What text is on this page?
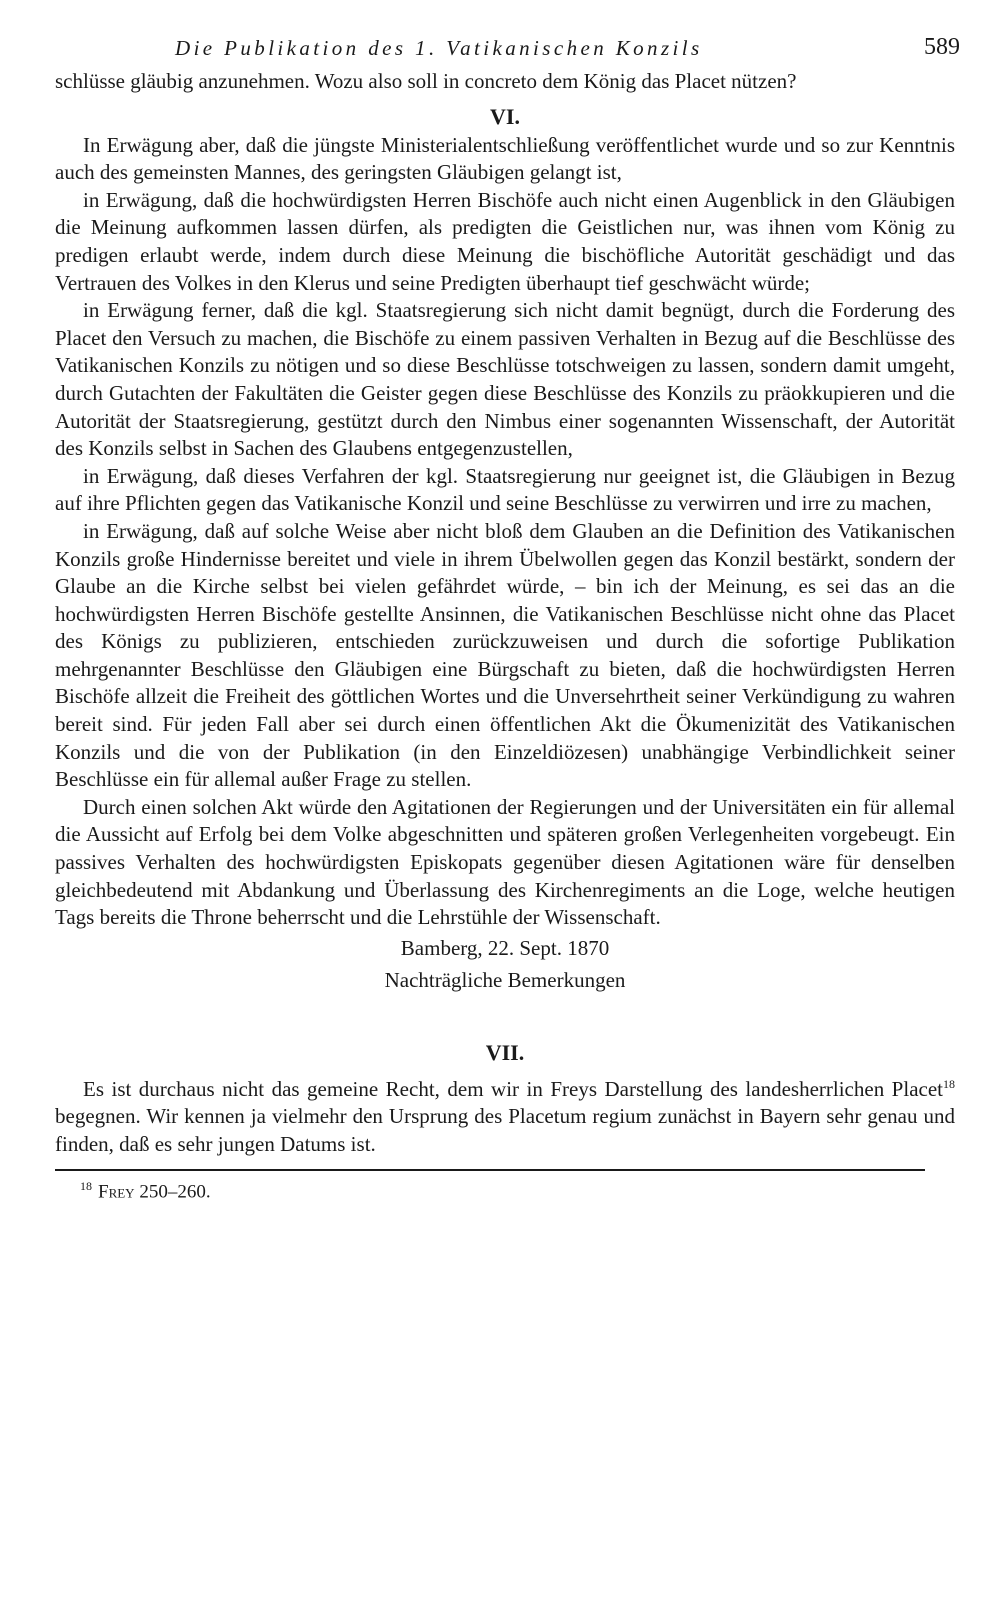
Die Publikation des 1. Vatikanischen Konzils	589

schlüsse gläubig anzunehmen. Wozu also soll in concreto dem König das Placet nützen?

VI.

In Erwägung aber, daß die jüngste Ministerialentschließung veröffentlichet wurde und so zur Kenntnis auch des gemeinsten Mannes, des geringsten Gläubigen gelangt ist,

in Erwägung, daß die hochwürdigsten Herren Bischöfe auch nicht einen Augenblick in den Gläubigen die Meinung aufkommen lassen dürfen, als predigten die Geistlichen nur, was ihnen vom König zu predigen erlaubt werde, indem durch diese Meinung die bischöfliche Autorität geschädigt und das Vertrauen des Volkes in den Klerus und seine Predigten überhaupt tief geschwächt würde;

in Erwägung ferner, daß die kgl. Staatsregierung sich nicht damit begnügt, durch die Forderung des Placet den Versuch zu machen, die Bischöfe zu einem passiven Verhalten in Bezug auf die Beschlüsse des Vatikanischen Konzils zu nötigen und so diese Beschlüsse totschweigen zu lassen, sondern damit umgeht, durch Gutachten der Fakultäten die Geister gegen diese Beschlüsse des Konzils zu präokkupieren und die Autorität der Staatsregierung, gestützt durch den Nimbus einer sogenannten Wissenschaft, der Autorität des Konzils selbst in Sachen des Glaubens entgegenzustellen,

in Erwägung, daß dieses Verfahren der kgl. Staatsregierung nur geeignet ist, die Gläubigen in Bezug auf ihre Pflichten gegen das Vatikanische Konzil und seine Beschlüsse zu verwirren und irre zu machen,

in Erwägung, daß auf solche Weise aber nicht bloß dem Glauben an die Definition des Vatikanischen Konzils große Hindernisse bereitet und viele in ihrem Übelwollen gegen das Konzil bestärkt, sondern der Glaube an die Kirche selbst bei vielen gefährdet würde, – bin ich der Meinung, es sei das an die hochwürdigsten Herren Bischöfe gestellte Ansinnen, die Vatikanischen Beschlüsse nicht ohne das Placet des Königs zu publizieren, entschieden zurückzuweisen und durch die sofortige Publikation mehrgenannter Beschlüsse den Gläubigen eine Bürgschaft zu bieten, daß die hochwürdigsten Herren Bischöfe allzeit die Freiheit des göttlichen Wortes und die Unversehrtheit seiner Verkündigung zu wahren bereit sind. Für jeden Fall aber sei durch einen öffentlichen Akt die Ökumenizität des Vatikanischen Konzils und die von der Publikation (in den Einzeldiözesen) unabhängige Verbindlichkeit seiner Beschlüsse ein für allemal außer Frage zu stellen.

Durch einen solchen Akt würde den Agitationen der Regierungen und der Universitäten ein für allemal die Aussicht auf Erfolg bei dem Volke abgeschnitten und späteren großen Verlegenheiten vorgebeugt. Ein passives Verhalten des hochwürdigsten Episkopats gegenüber diesen Agitationen wäre für denselben gleichbedeutend mit Abdankung und Überlassung des Kirchenregiments an die Loge, welche heutigen Tags bereits die Throne beherrscht und die Lehrstühle der Wissenschaft.

Bamberg, 22. Sept. 1870

Nachträgliche Bemerkungen

VII.

Es ist durchaus nicht das gemeine Recht, dem wir in Freys Darstellung des landesherrlichen Placet$^{18}$ begegnen. Wir kennen ja vielmehr den Ursprung des Placetum regium zunächst in Bayern sehr genau und finden, daß es sehr jungen Datums ist.

$^{18}$ Frey 250–260.
